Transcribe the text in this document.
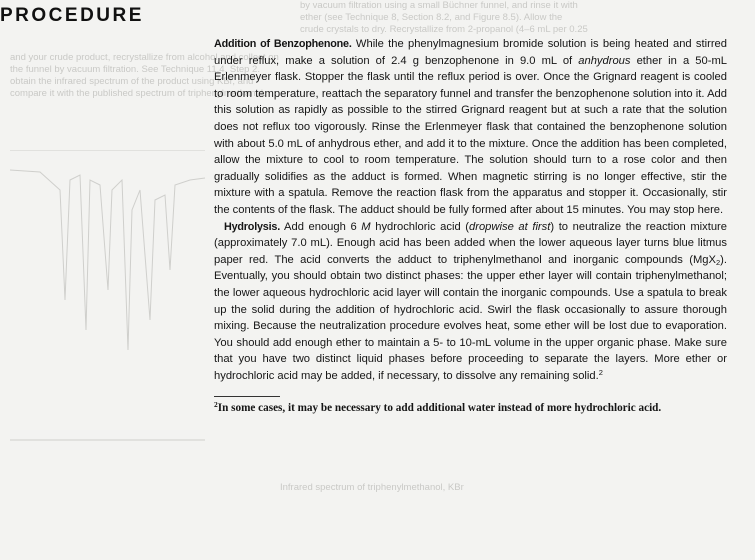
by vacuum filtration using a small Büchner funnel, and rinse it with
ether (see Technique 8, Section 8.2, and Figure 8.5). Allow the
crude crystals to dry. Recrystallize from 2-propanol (4–6 mL per 0.25
and your crude product, recrystallize from alcohol and collect on
the funnel by vacuum filtration. See Technique 11.4, Step 2.
obtain the infrared spectrum of the product using KBr, and
compare it with the published spectrum of triphenylmethanol.
Infrared spectrum of triphenylmethanol, KBr
PROCEDURE

Addition of Benzophenone. While the phenylmagnesium bromide solution is being heated and stirred under reflux, make a solution of 2.4 g benzophenone in 9.0 mL of anhydrous ether in a 50-mL Erlenmeyer flask. Stopper the flask until the reflux period is over. Once the Grignard reagent is cooled to room temperature, reattach the separatory funnel and transfer the benzophenone solution into it. Add this solution as rapidly as possible to the stirred Grignard reagent but at such a rate that the solution does not reflux too vigorously. Rinse the Erlenmeyer flask that contained the benzophenone solution with about 5.0 mL of anhydrous ether, and add it to the mixture. Once the addition has been completed, allow the mixture to cool to room temperature. The solution should turn to a rose color and then gradually solidifies as the adduct is formed. When magnetic stirring is no longer effective, stir the mixture with a spatula. Remove the reaction flask from the apparatus and stopper it. Occasionally, stir the contents of the flask. The adduct should be fully formed after about 15 minutes. You may stop here.

Hydrolysis. Add enough 6 M hydrochloric acid (dropwise at first) to neutralize the reaction mixture (approximately 7.0 mL). Enough acid has been added when the lower aqueous layer turns blue litmus paper red. The acid converts the adduct to triphenylmethanol and inorganic compounds (MgX$_2$). Eventually, you should obtain two distinct phases: the upper ether layer will contain triphenylmethanol; the lower aqueous hydrochloric acid layer will contain the inorganic compounds. Use a spatula to break up the solid during the addition of hydrochloric acid. Swirl the flask occasionally to assure thorough mixing. Because the neutralization procedure evolves heat, some ether will be lost due to evaporation. You should add enough ether to maintain a 5- to 10-mL volume in the upper organic phase. Make sure that you have two distinct liquid phases before proceeding to separate the layers. More ether or hydrochloric acid may be added, if necessary, to dissolve any remaining solid.$^2$

$^2$In some cases, it may be necessary to add additional water instead of more hydrochloric acid.
